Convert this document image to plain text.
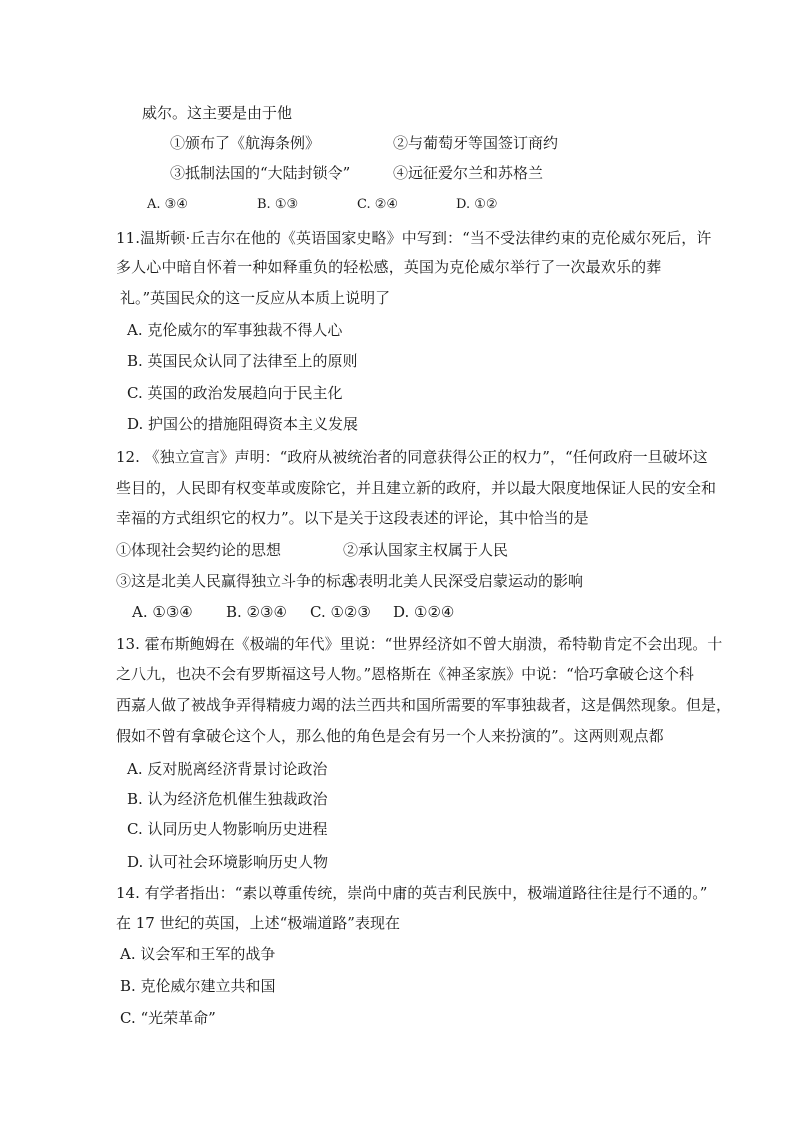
威尔。这主要是由于他
①颁布了《航海条例》	②与葡萄牙等国签订商约
③抵制法国的“大陆封锁令”	④远征爱尔兰和苏格兰
A. ③④	B. ①③	C. ②④	D. ①②
11.温斯顿·丘吉尔在他的《英语国家史略》中写到：“当不受法律约束的克伦威尔死后，许
多人心中暗自怀着一种如释重负的轻松感，英国为克伦威尔举行了一次最欢乐的葬
礼。”英国民众的这一反应从本质上说明了
A. 克伦威尔的军事独裁不得人心
B. 英国民众认同了法律至上的原则
C. 英国的政治发展趋向于民主化
D. 护国公的措施阻碍资本主义发展
12. 《独立宣言》声明：“政府从被统治者的同意获得公正的权力”，“任何政府一旦破坏这
些目的，人民即有权变革或废除它，并且建立新的政府，并以最大限度地保证人民的安全和
幸福的方式组织它的权力”。以下是关于这段表述的评论，其中恰当的是
①体现社会契约论的思想	②承认国家主权属于人民
③这是北美人民赢得独立斗争的标志
④表明北美人民深受启蒙运动的影响
A. ①③④ B. ②③④ C. ①②③ D. ①②④
13. 霍布斯鲍姆在《极端的年代》里说：“世界经济如不曾大崩溃，希特勒肯定不会出现。十
之八九，也决不会有罗斯福这号人物。”恩格斯在《神圣家族》中说：“恰巧拿破仑这个科
西嘉人做了被战争弄得精疲力竭的法兰西共和国所需要的军事独裁者，这是偶然现象。但是，
假如不曾有拿破仑这个人，那么他的角色是会有另一个人来扮演的”。这两则观点都
A. 反对脱离经济背景讨论政治
B. 认为经济危机催生独裁政治
C. 认同历史人物影响历史进程
D. 认可社会环境影响历史人物
14. 有学者指出：“素以尊重传统，崇尚中庸的英吉利民族中，极端道路往往是行不通的。”
在 17 世纪的英国，上述“极端道路”表现在
A. 议会军和王军的战争
B. 克伦威尔建立共和国
C. “光荣革命”
